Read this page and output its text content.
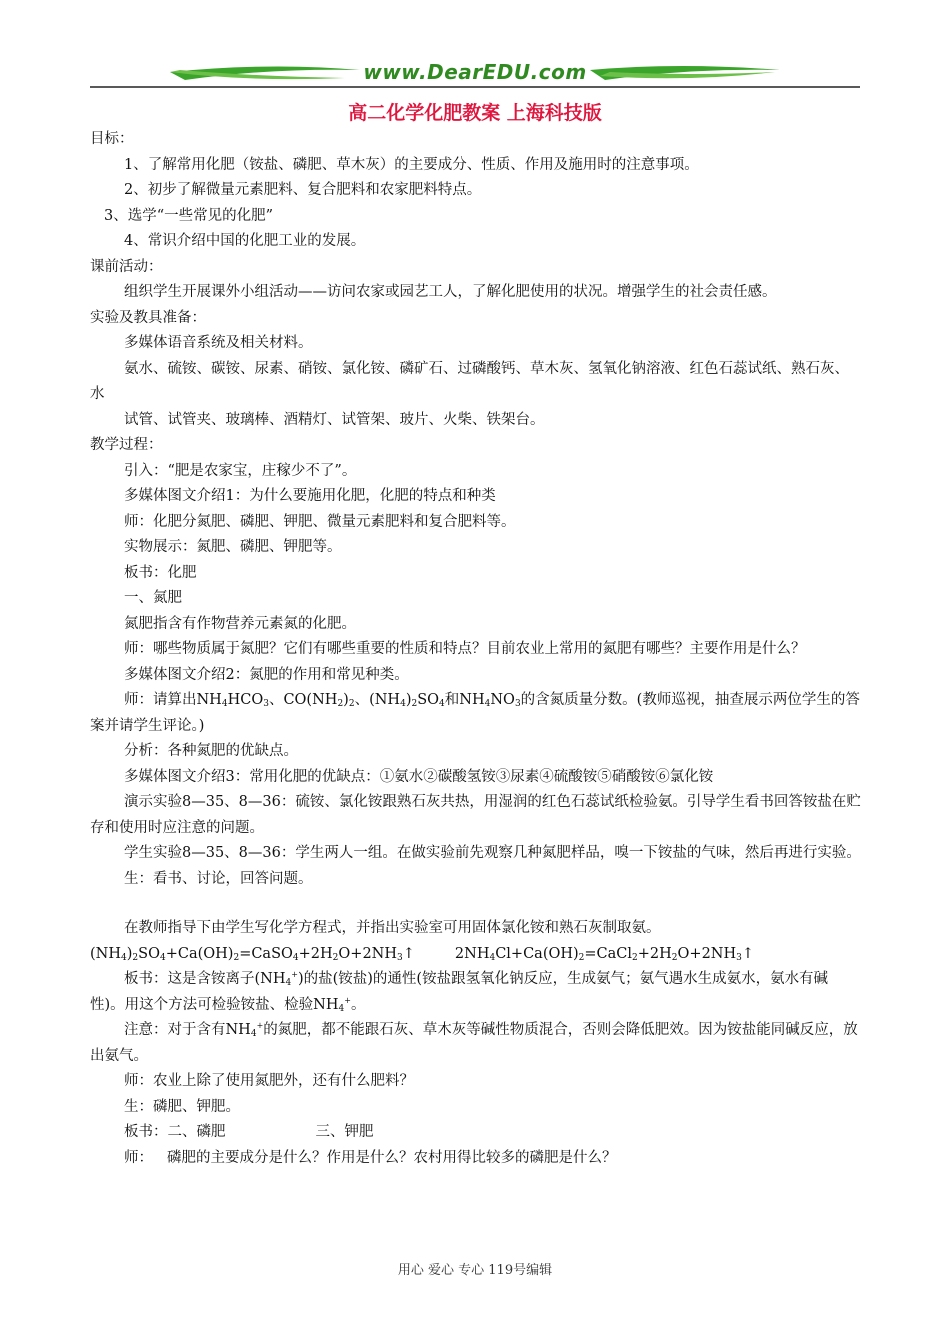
www.DearEDU.com
高二化学化肥教案 上海科技版

目标：

1、了解常用化肥（铵盐、磷肥、草木灰）的主要成分、性质、作用及施用时的注意事项。

2、初步了解微量元素肥料、复合肥料和农家肥料特点。

3、选学“一些常见的化肥”

4、常识介绍中国的化肥工业的发展。

课前活动：

组织学生开展课外小组活动——访问农家或园艺工人，了解化肥使用的状况。增强学生的社会责任感。

实验及教具准备：

多媒体语音系统及相关材料。

氨水、硫铵、碳铵、尿素、硝铵、氯化铵、磷矿石、过磷酸钙、草木灰、氢氧化钠溶液、红色石蕊试纸、熟石灰、水

试管、试管夹、玻璃棒、酒精灯、试管架、玻片、火柴、铁架台。

教学过程：

引入：“肥是农家宝，庄稼少不了”。

多媒体图文介绍1：为什么要施用化肥，化肥的特点和种类

师：化肥分氮肥、磷肥、钾肥、微量元素肥料和复合肥料等。

实物展示：氮肥、磷肥、钾肥等。

板书：化肥

一、氮肥

氮肥指含有作物营养元素氮的化肥。

师：哪些物质属于氮肥？它们有哪些重要的性质和特点？目前农业上常用的氮肥有哪些？主要作用是什么？

多媒体图文介绍2：氮肥的作用和常见种类。

师：请算出$NH_4HCO_3$、$CO(NH_2)_2$、$(NH_4)_2SO_4$和$NH_4NO_3$的含氮质量分数。(教师巡视，抽查展示两位学生的答案并请学生评论。)

分析：各种氮肥的优缺点。

多媒体图文介绍3：常用化肥的优缺点：①氨水②碳酸氢铵③尿素④硫酸铵⑤硝酸铵⑥氯化铵

演示实验8—35、8—36：硫铵、氯化铵跟熟石灰共热，用湿润的红色石蕊试纸检验氨。引导学生看书回答铵盐在贮存和使用时应注意的问题。

学生实验8—35、8—36：学生两人一组。在做实验前先观察几种氮肥样品，嗅一下铵盐的气味，然后再进行实验。

生：看书、讨论，回答问题。

在教师指导下由学生写化学方程式，并指出实验室可用固体氯化铵和熟石灰制取氨。

$(NH_4)_2SO_4+Ca(OH)_2=CaSO_4+2H_2O+2NH_3↑$	$2NH_4Cl+Ca(OH)_2=CaCl_2+2H_2O+2NH_3↑$

板书：这是含铵离子$(NH_4^+)$的盐(铵盐)的通性(铵盐跟氢氧化钠反应，生成氨气；氨气遇水生成氨水，氨水有碱性)。用这个方法可检验铵盐、检验$NH_4^+$。

注意：对于含有$NH_4^+$的氮肥，都不能跟石灰、草木灰等碱性物质混合，否则会降低肥效。因为铵盐能同碱反应，放出氨气。

师：农业上除了使用氮肥外，还有什么肥料？

生：磷肥、钾肥。

板书：二、磷肥	三、钾肥

师： 磷肥的主要成分是什么？作用是什么？农村用得比较多的磷肥是什么？

用心 爱心 专心 119号编辑
